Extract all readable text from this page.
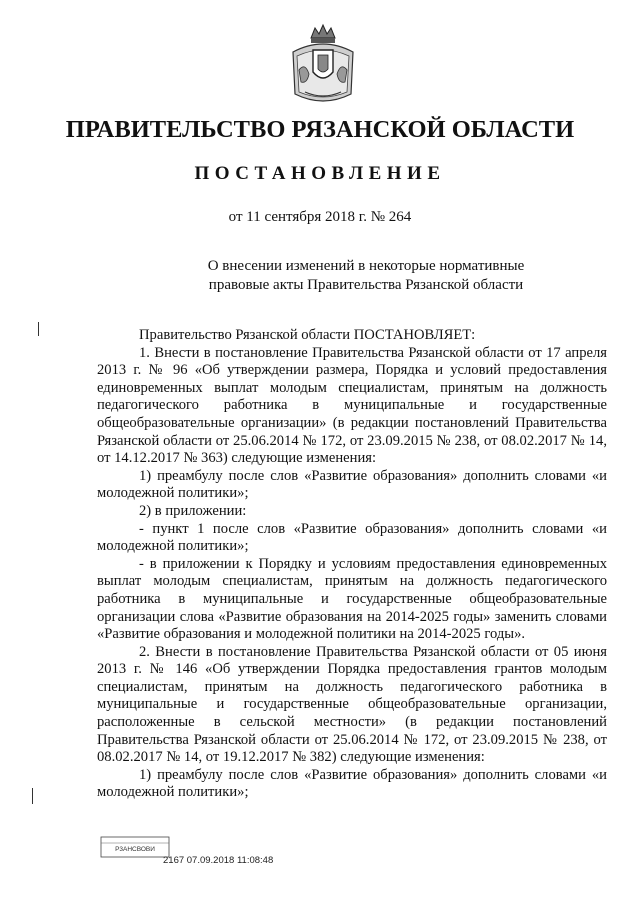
ПРАВИТЕЛЬСТВО РЯЗАНСКОЙ ОБЛАСТИ
ПОСТАНОВЛЕНИЕ
от 11 сентября 2018 г. № 264
О внесении изменений в некоторые нормативные
правовые акты Правительства Рязанской области

Правительство Рязанской области ПОСТАНОВЛЯЕТ:

1. Внести в постановление Правительства Рязанской области от 17 апреля 2013 г. № 96 «Об утверждении размера, Порядка и условий предоставления единовременных выплат молодым специалистам, принятым на должность педагогического работника в муниципальные и государственные общеобразовательные организации» (в редакции постановлений Правительства Рязанской области от 25.06.2014 № 172, от 23.09.2015 № 238, от 08.02.2017 № 14, от 14.12.2017 № 363) следующие изменения:

1) преамбулу после слов «Развитие образования» дополнить словами «и молодежной политики»;

2) в приложении:

- пункт 1 после слов «Развитие образования» дополнить словами «и молодежной политики»;

- в приложении к Порядку и условиям предоставления единовременных выплат молодым специалистам, принятым на должность педагогического работника в муниципальные и государственные общеобразовательные организации слова «Развитие образования на 2014-2025 годы» заменить словами «Развитие образования и молодежной политики на 2014-2025 годы».

2. Внести в постановление Правительства Рязанской области от 05 июня 2013 г. № 146 «Об утверждении Порядка предоставления грантов молодым специалистам, принятым на должность педагогического работника в муниципальные и государственные общеобразовательные организации, расположенные в сельской местности» (в редакции постановлений Правительства Рязанской области от 25.06.2014 № 172, от 23.09.2015 № 238, от 08.02.2017 № 14, от 19.12.2017 № 382) следующие изменения:

1) преамбулу после слов «Развитие образования» дополнить словами «и молодежной политики»;

Р3АНСВОВИ
2167 07.09.2018 11:08:48
